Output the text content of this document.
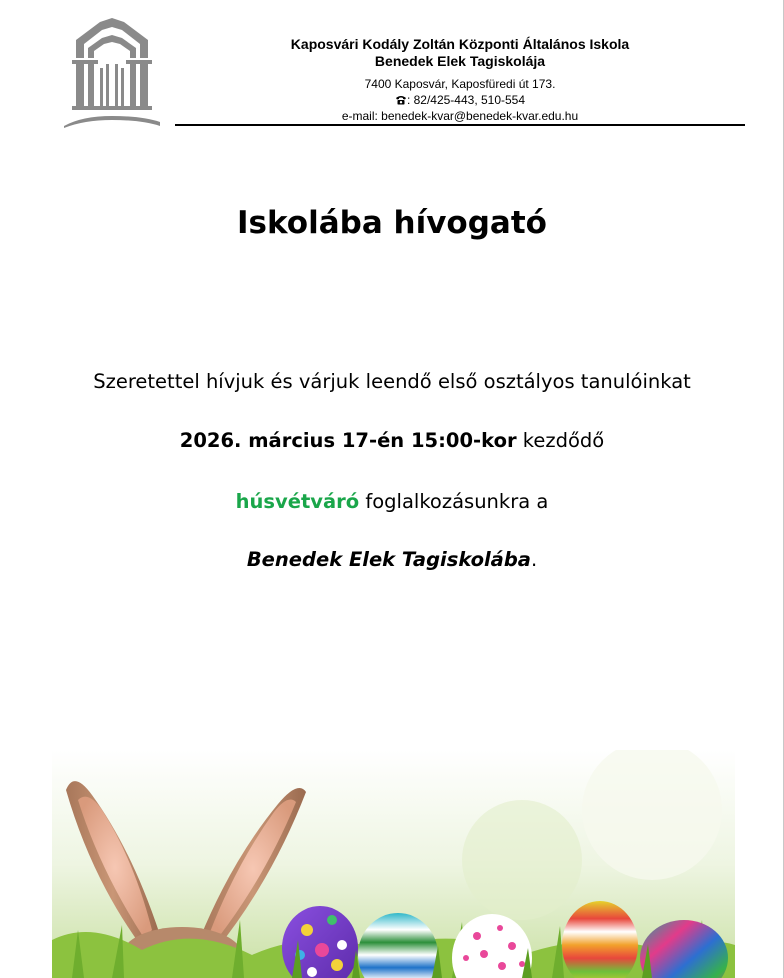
Kaposvári Kodály Zoltán Központi Általános Iskola
Benedek Elek Tagiskolája
7400 Kaposvár, Kaposfüredi út 173.
: 82/425-443, 510-554
e-mail: benedek-kvar@benedek-kvar.edu.hu
Iskolába hívogató
Szeretettel hívjuk és várjuk leendő első osztályos tanulóinkat
2026. március 17-én 15:00-kor kezdődő
húsvétváró foglalkozásunkra a
Benedek Elek Tagiskolába.
